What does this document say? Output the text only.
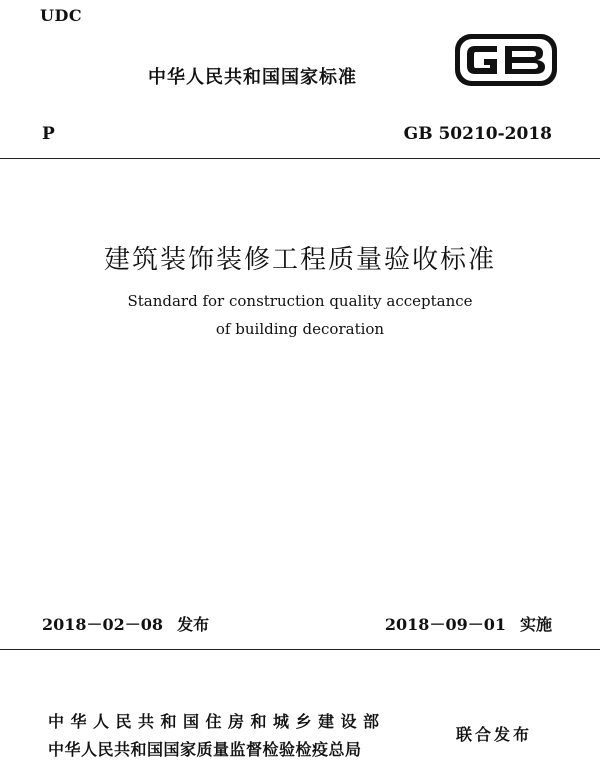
UDC
中华人民共和国国家标准
P	GB 50210-2018
建筑装饰装修工程质量验收标准
Standard for construction quality acceptance
of building decoration
2018－02－08 发布	2018－09－01 实施
中华人民共和国住房和城乡建设部
中华人民共和国国家质量监督检验检疫总局
联合发布
